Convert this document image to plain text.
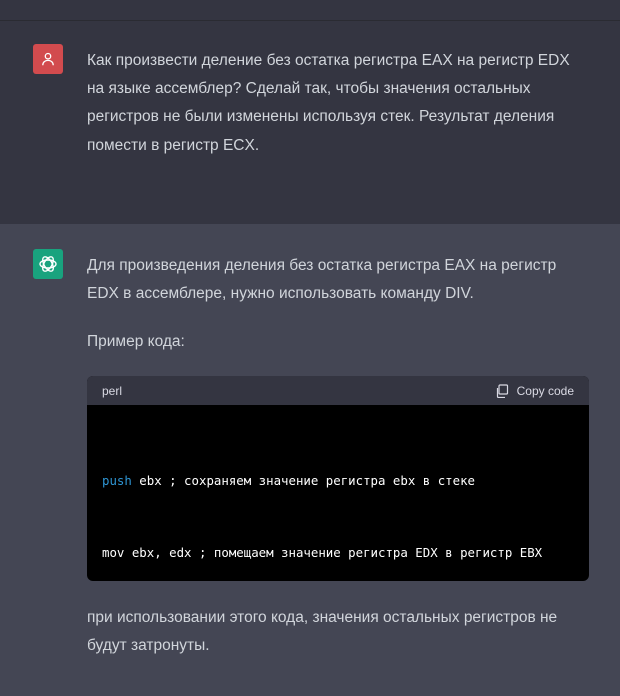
Как произвести деление без остатка регистра EAX на регистр EDX
на языке ассемблер? Сделай так, чтобы значения остальных
регистров не были изменены используя стек. Результат деления
помести в регистр ECX.

Для произведения деления без остатка регистра EAX на регистр
EDX в ассемблере, нужно использовать команду DIV.

Пример кода:

perl	Copy code

push ebx ; сохраняем значение регистра ebx в стеке

mov ebx, edx ; помещаем значение регистра EDX в регистр EBX

при использовании этого кода, значения остальных регистров не
будут затронуты.
